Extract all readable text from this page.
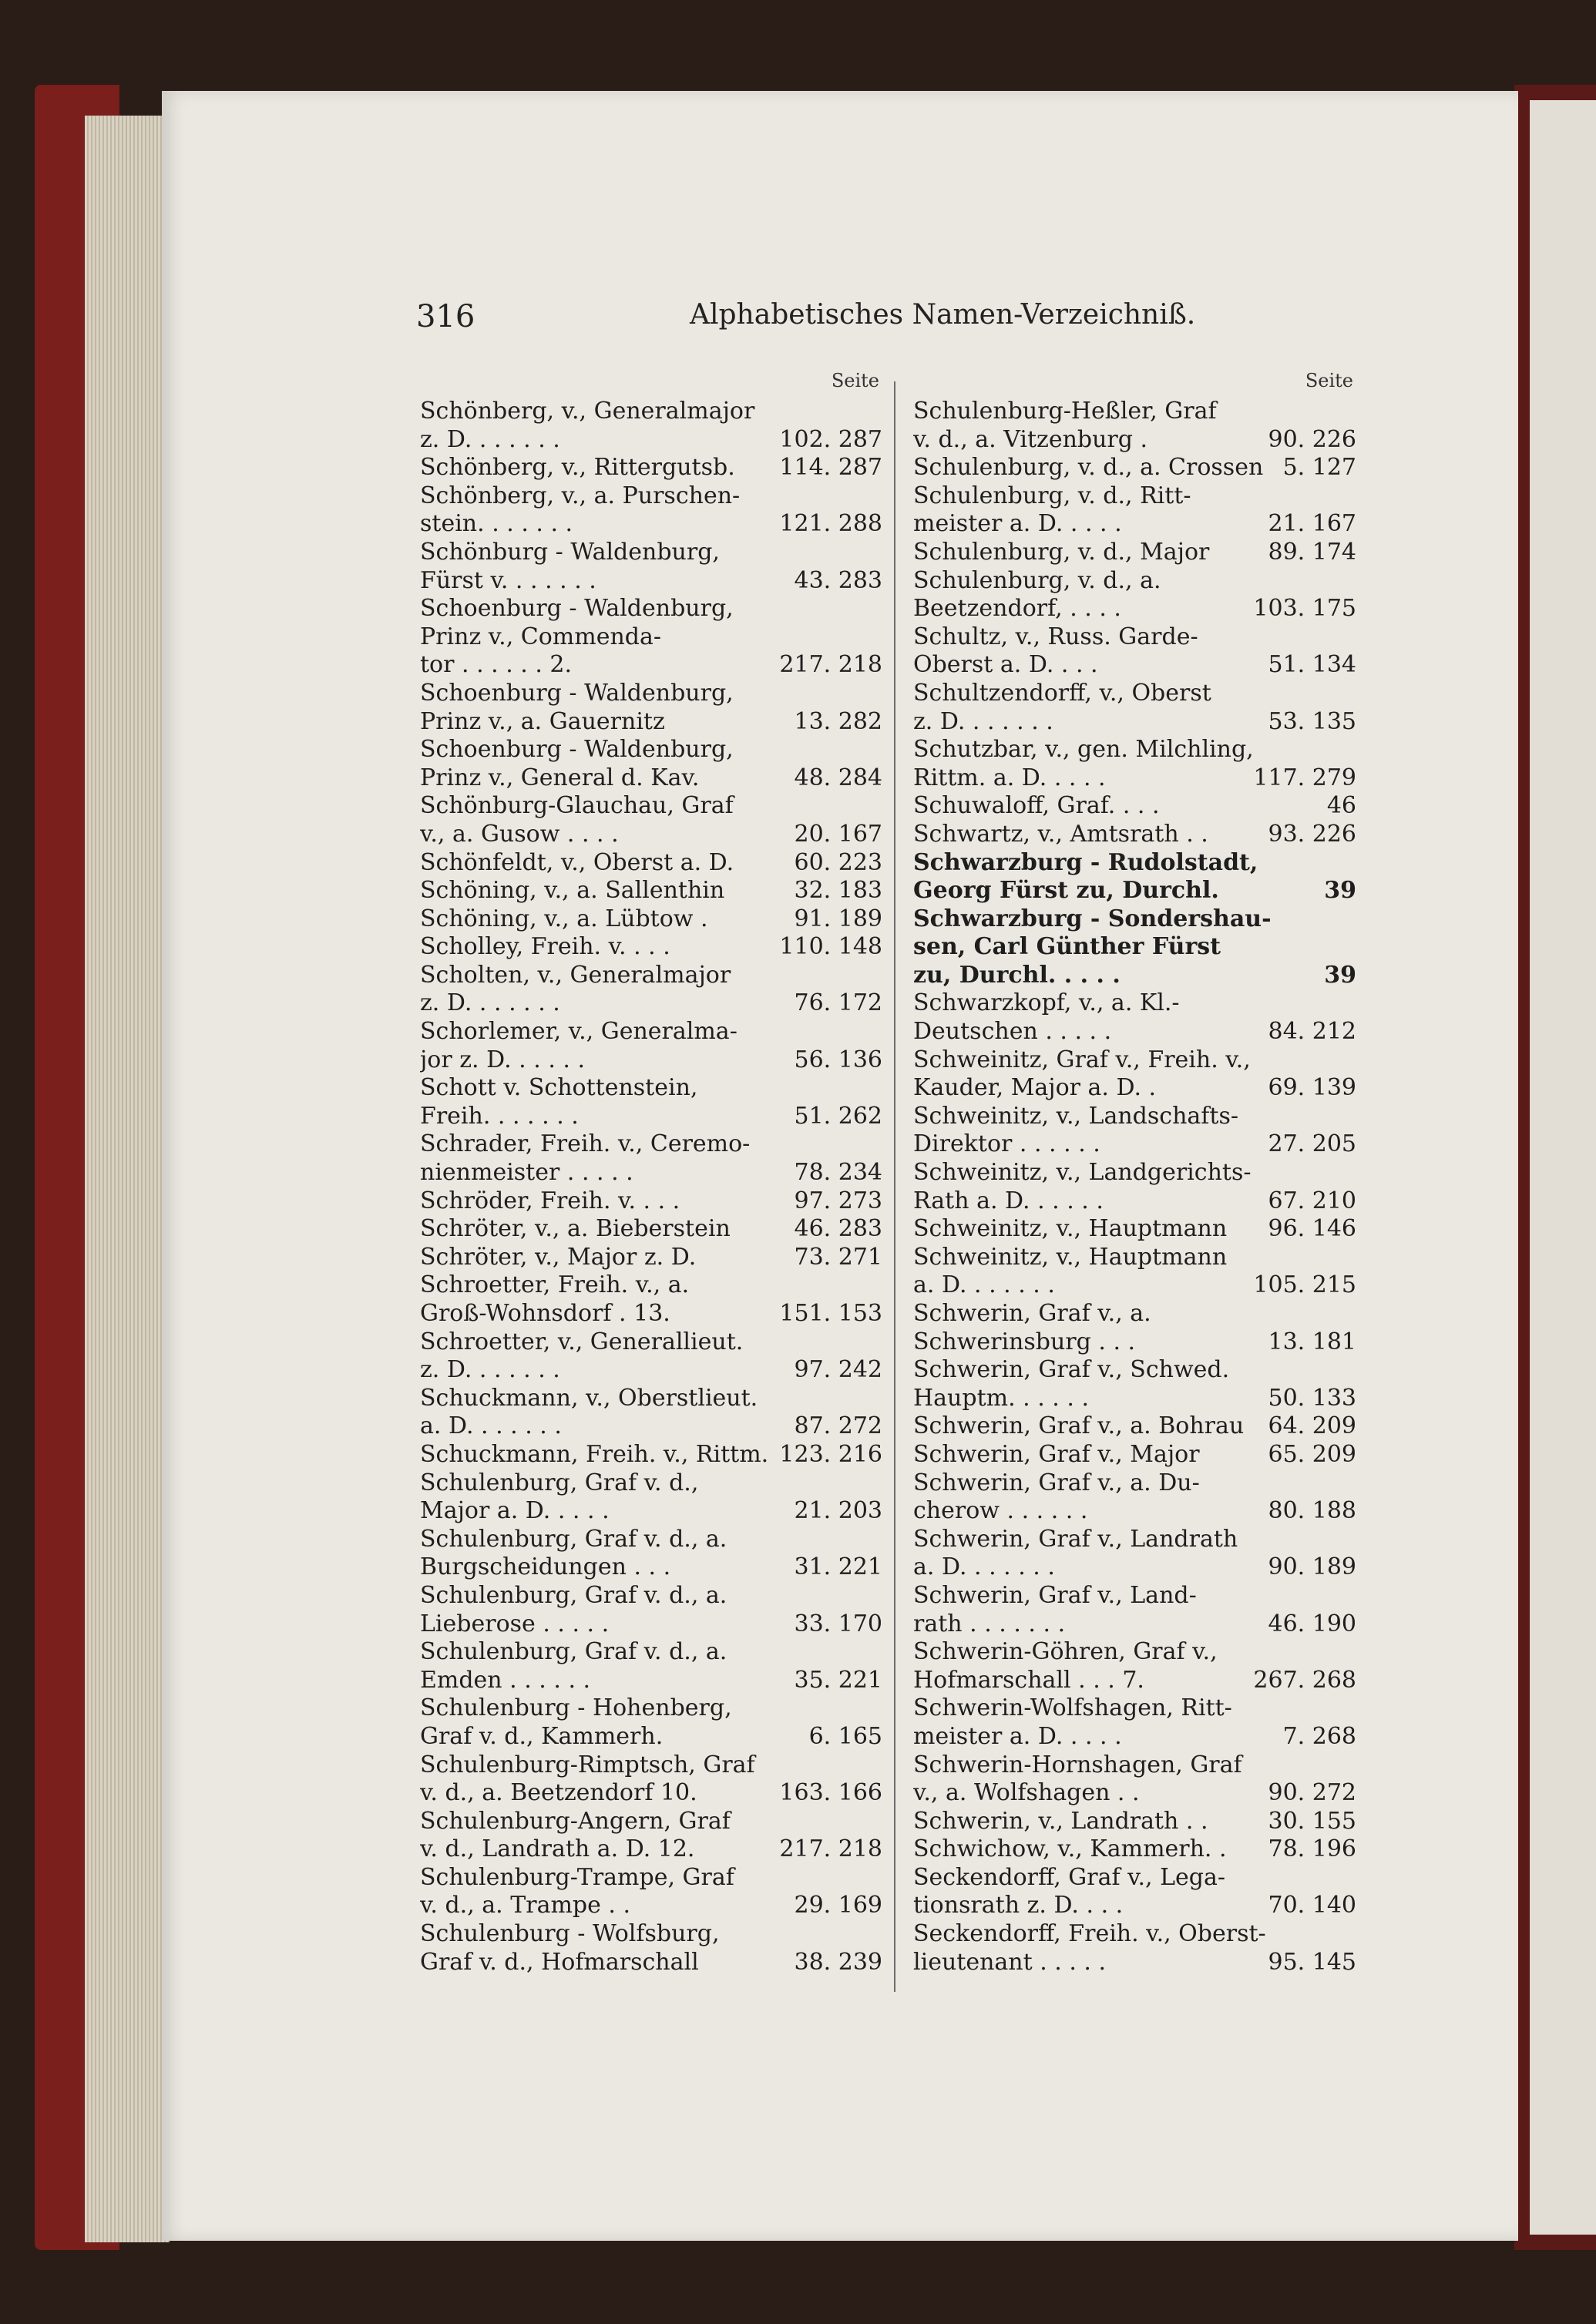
316	Alphabetisches Namen-Verzeichniß.
Seite
Schönberg, v., Generalmajor
z. D. . . . . . .	102. 287
Schönberg, v., Rittergutsb.	114. 287
Schönberg, v., a. Purschen-
stein. . . . . . .	121. 288
Schönburg - Waldenburg,
Fürst v. . . . . . .	43. 283
Schoenburg - Waldenburg,
Prinz v., Commenda-
tor . . . . . . 2.	217. 218
Schoenburg - Waldenburg,
Prinz v., a. Gauernitz	13. 282
Schoenburg - Waldenburg,
Prinz v., General d. Kav.	48. 284
Schönburg-Glauchau, Graf
v., a. Gusow . . . .	20. 167
Schönfeldt, v., Oberst a. D.	60. 223
Schöning, v., a. Sallenthin	32. 183
Schöning, v., a. Lübtow .	91. 189
Scholley, Freih. v. . . .	110. 148
Scholten, v., Generalmajor
z. D. . . . . . .	76. 172
Schorlemer, v., Generalma-
jor z. D. . . . . .	56. 136
Schott v. Schottenstein,
Freih. . . . . . .	51. 262
Schrader, Freih. v., Ceremo-
nienmeister . . . . .	78. 234
Schröder, Freih. v. . . .	97. 273
Schröter, v., a. Bieberstein	46. 283
Schröter, v., Major z. D.	73. 271
Schroetter, Freih. v., a.
Groß-Wohnsdorf . 13.	151. 153
Schroetter, v., Generallieut.
z. D. . . . . . .	97. 242
Schuckmann, v., Oberstlieut.
a. D. . . . . . .	87. 272
Schuckmann, Freih. v., Rittm. 123. 216
Schulenburg, Graf v. d.,
Major a. D. . . . .	21. 203
Schulenburg, Graf v. d., a.
Burgscheidungen . . .	31. 221
Schulenburg, Graf v. d., a.
Lieberose . . . . .	33. 170
Schulenburg, Graf v. d., a.
Emden . . . . . .	35. 221
Schulenburg - Hohenberg,
Graf v. d., Kammerh.	6. 165
Schulenburg-Rimptsch, Graf
v. d., a. Beetzendorf 10.	163. 166
Schulenburg-Angern, Graf
v. d., Landrath a. D. 12.	217. 218
Schulenburg-Trampe, Graf
v. d., a. Trampe . .	29. 169
Schulenburg - Wolfsburg,
Graf v. d., Hofmarschall	38. 239
Seite
Schulenburg-Heßler, Graf
v. d., a. Vitzenburg .	90. 226
Schulenburg, v. d., a. Crossen 5. 127
Schulenburg, v. d., Ritt-
meister a. D. . . . .	21. 167
Schulenburg, v. d., Major	89. 174
Schulenburg, v. d., a.
Beetzendorf, . . . .	103. 175
Schultz, v., Russ. Garde-
Oberst a. D. . . .	51. 134
Schultzendorff, v., Oberst
z. D. . . . . . .	53. 135
Schutzbar, v., gen. Milchling,
Rittm. a. D. . . . .	117. 279
Schuwaloff, Graf. . . .	46
Schwartz, v., Amtsrath . .	93. 226
Schwarzburg - Rudolstadt,
Georg Fürst zu, Durchl.	39
Schwarzburg - Sondershau-
sen, Carl Günther Fürst
zu, Durchl. . . . .	39
Schwarzkopf, v., a. Kl.-
Deutschen . . . . .	84. 212
Schweinitz, Graf v., Freih. v.,
Kauder, Major a. D. .	69. 139
Schweinitz, v., Landschafts-
Direktor . . . . . .	27. 205
Schweinitz, v., Landgerichts-
Rath a. D. . . . . .	67. 210
Schweinitz, v., Hauptmann	96. 146
Schweinitz, v., Hauptmann
a. D. . . . . . .	105. 215
Schwerin, Graf v., a.
Schwerinsburg . . .	13. 181
Schwerin, Graf v., Schwed.
Hauptm. . . . . .	50. 133
Schwerin, Graf v., a. Bohrau	64. 209
Schwerin, Graf v., Major	65. 209
Schwerin, Graf v., a. Du-
cherow . . . . . .	80. 188
Schwerin, Graf v., Landrath
a. D. . . . . . .	90. 189
Schwerin, Graf v., Land-
rath . . . . . . .	46. 190
Schwerin-Göhren, Graf v.,
Hofmarschall . . . 7.	267. 268
Schwerin-Wolfshagen, Ritt-
meister a. D. . . . .	7. 268
Schwerin-Hornshagen, Graf
v., a. Wolfshagen . .	90. 272
Schwerin, v., Landrath . .	30. 155
Schwichow, v., Kammerh. .	78. 196
Seckendorff, Graf v., Lega-
tionsrath z. D. . . .	70. 140
Seckendorff, Freih. v., Oberst-
lieutenant . . . . .	95. 145
